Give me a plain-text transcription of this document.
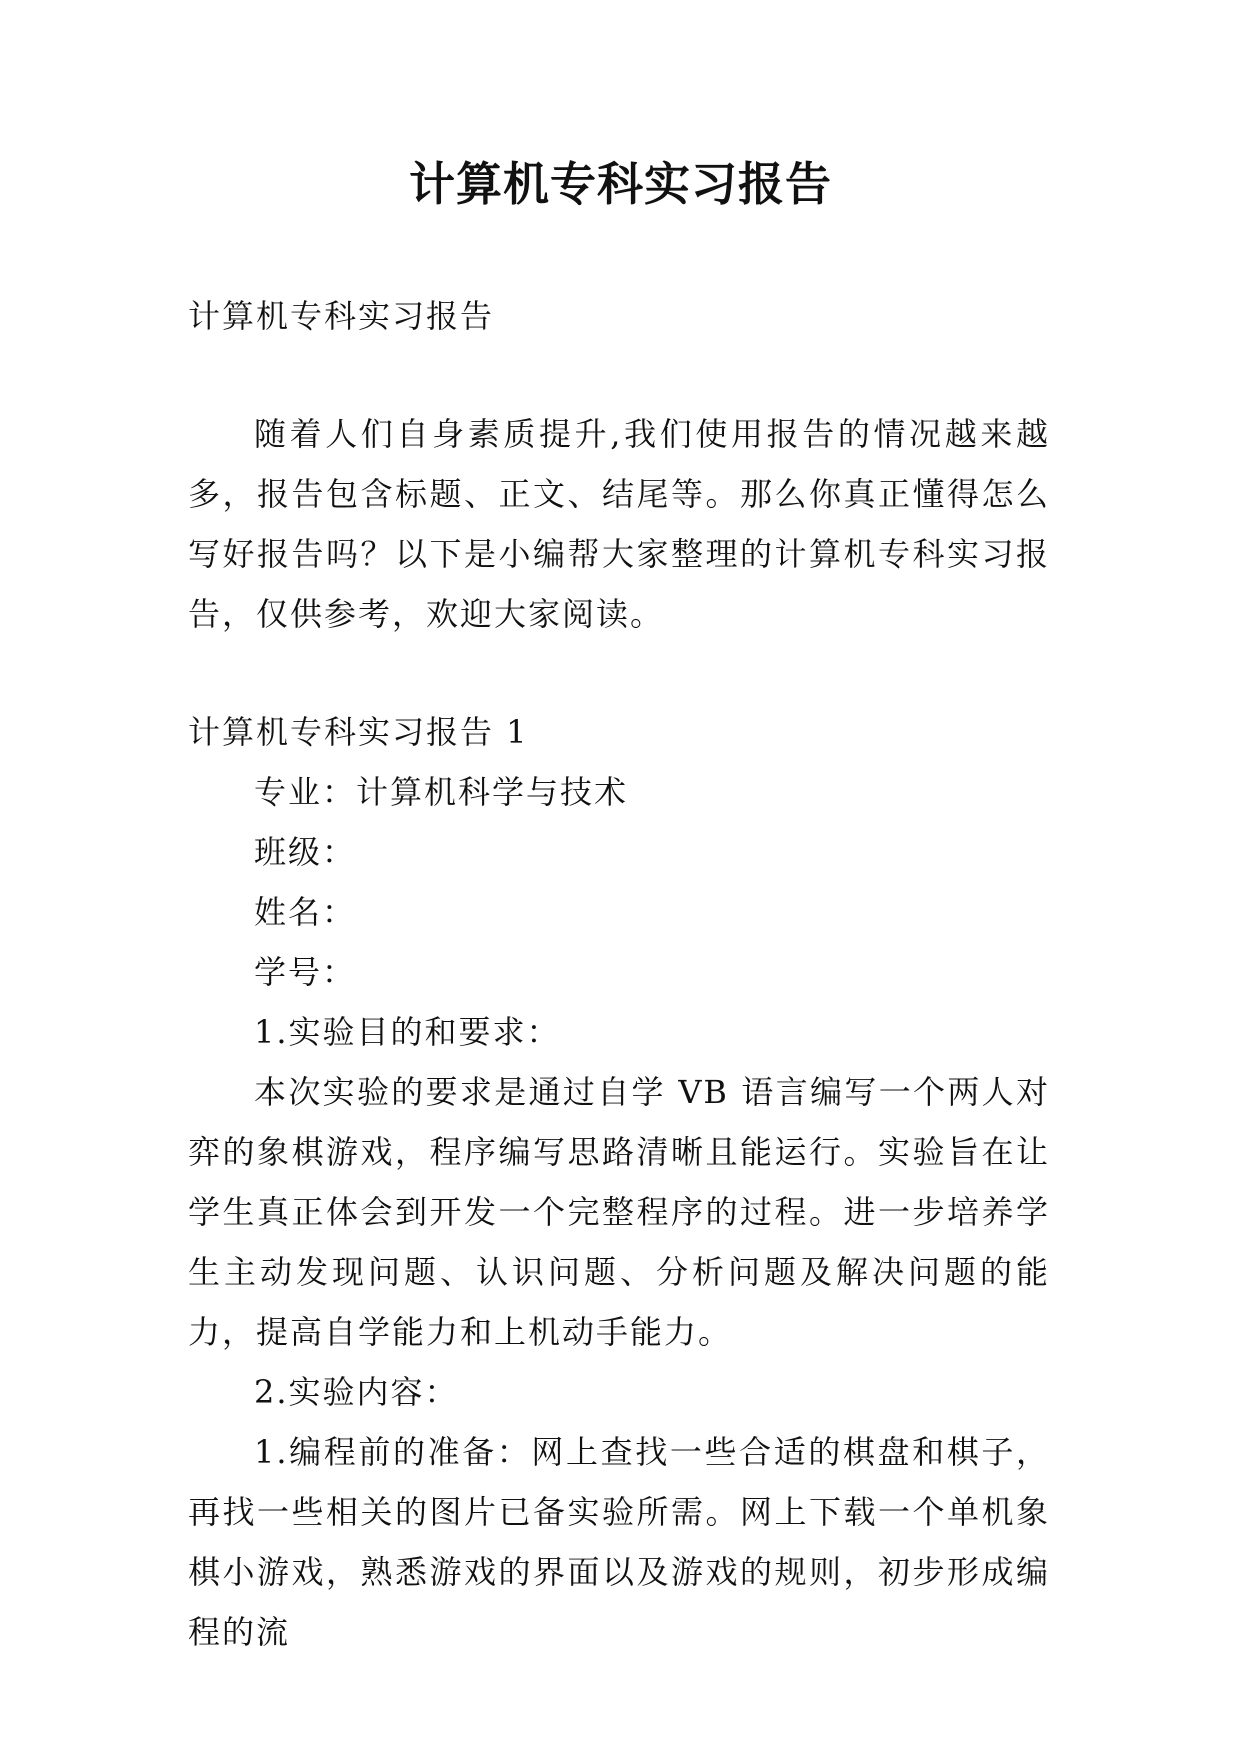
计算机专科实习报告

计算机专科实习报告

随着人们自身素质提升,我们使用报告的情况越来越多，报告包含标题、正文、结尾等。那么你真正懂得怎么写好报告吗？以下是小编帮大家整理的计算机专科实习报告，仅供参考，欢迎大家阅读。

计算机专科实习报告 1

专业：计算机科学与技术

班级：

姓名：

学号：

1.实验目的和要求：

本次实验的要求是通过自学 VB 语言编写一个两人对弈的象棋游戏，程序编写思路清晰且能运行。实验旨在让学生真正体会到开发一个完整程序的过程。进一步培养学生主动发现问题、认识问题、分析问题及解决问题的能力，提高自学能力和上机动手能力。

2.实验内容：

1.编程前的准备：网上查找一些合适的棋盘和棋子，再找一些相关的图片已备实验所需。网上下载一个单机象棋小游戏，熟悉游戏的界面以及游戏的规则，初步形成编程的流
